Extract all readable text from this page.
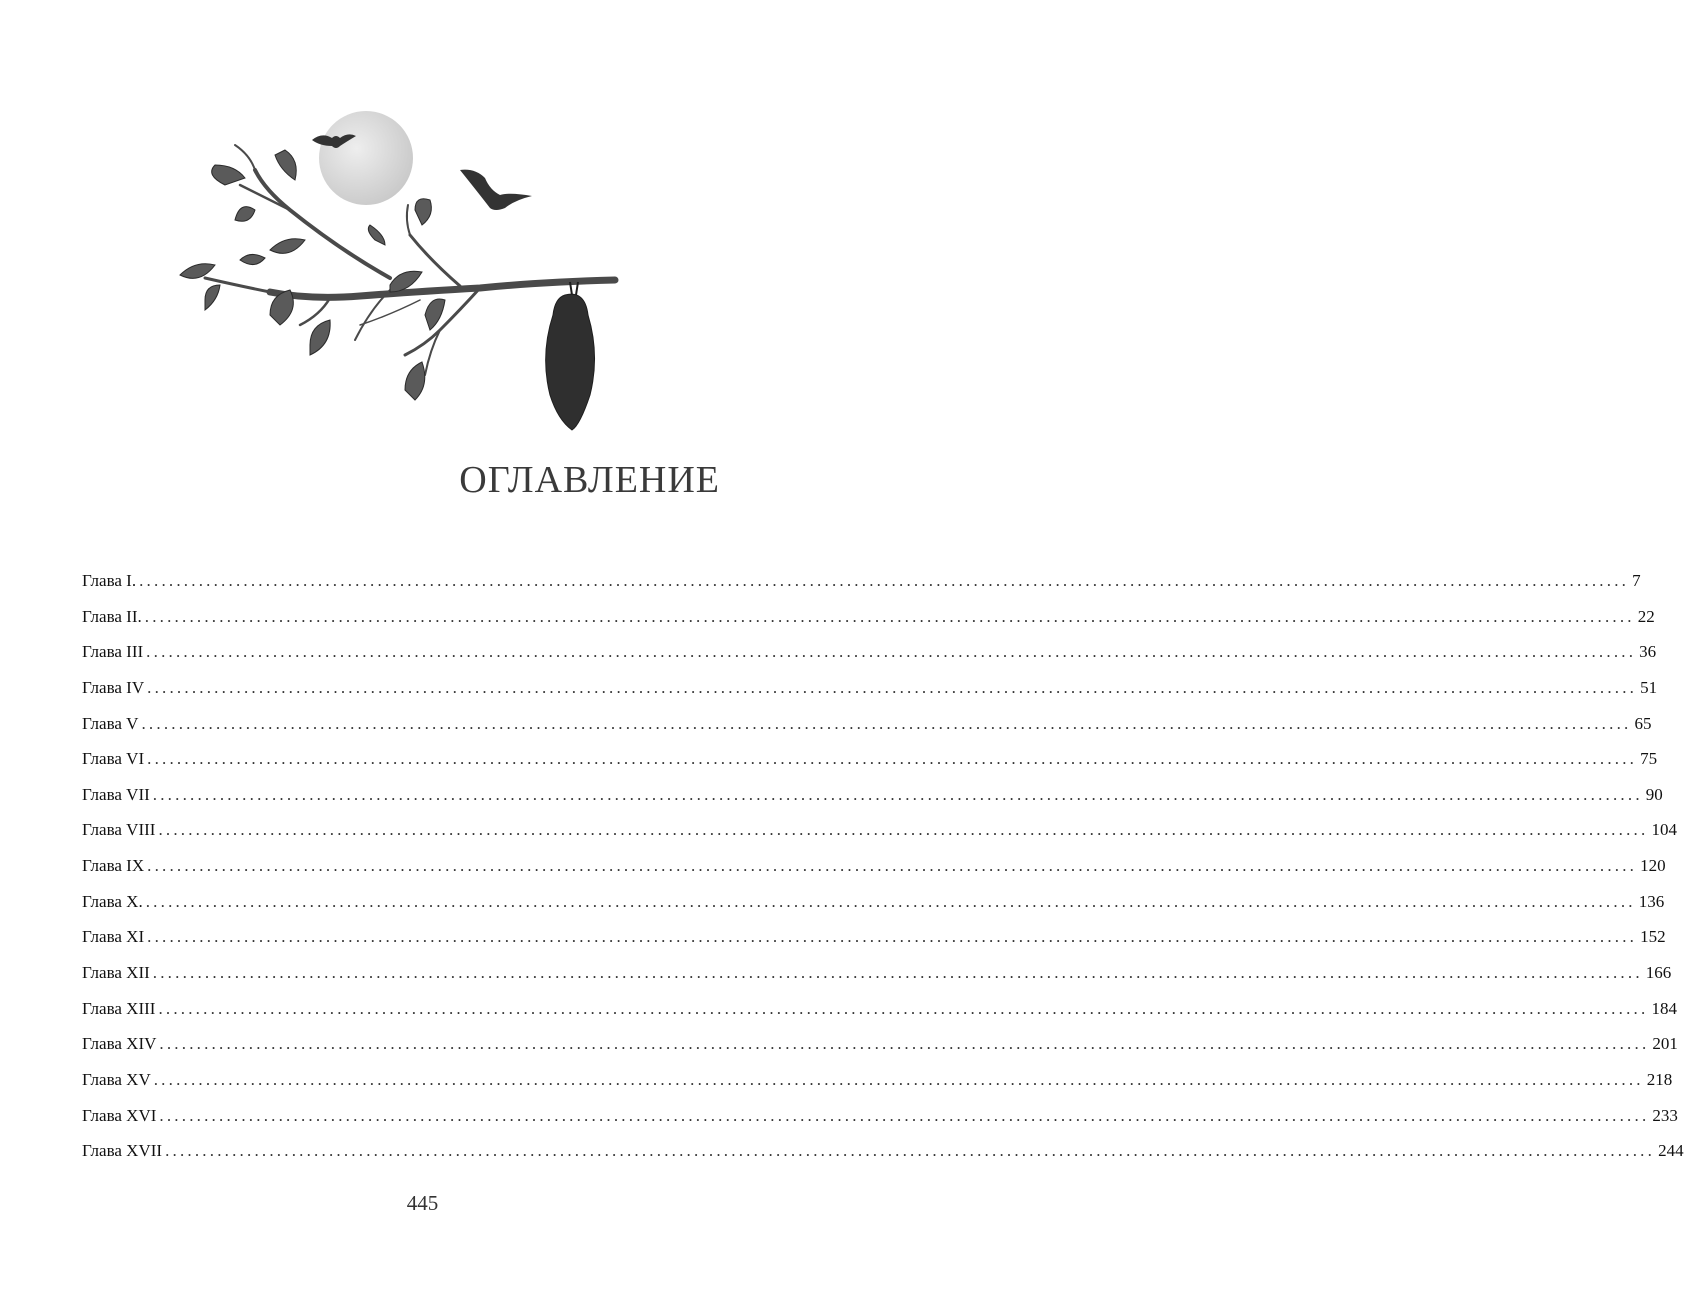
ОГЛАВЛЕНИЕ
Глава I. ........................................................................................................................................................................................................ 7
Глава II. ........................................................................................................................................................................................................ 22
Глава III ........................................................................................................................................................................................................ 36
Глава IV ........................................................................................................................................................................................................ 51
Глава V ........................................................................................................................................................................................................ 65
Глава VI ........................................................................................................................................................................................................ 75
Глава VII ........................................................................................................................................................................................................ 90
Глава VIII ........................................................................................................................................................................................................ 104
Глава IX ........................................................................................................................................................................................................ 120
Глава X. ........................................................................................................................................................................................................ 136
Глава XI ........................................................................................................................................................................................................ 152
Глава XII ........................................................................................................................................................................................................ 166
Глава XIII ........................................................................................................................................................................................................ 184
Глава XIV ........................................................................................................................................................................................................ 201
Глава XV ........................................................................................................................................................................................................ 218
Глава XVI ........................................................................................................................................................................................................ 233
Глава XVII ........................................................................................................................................................................................................ 244
445
